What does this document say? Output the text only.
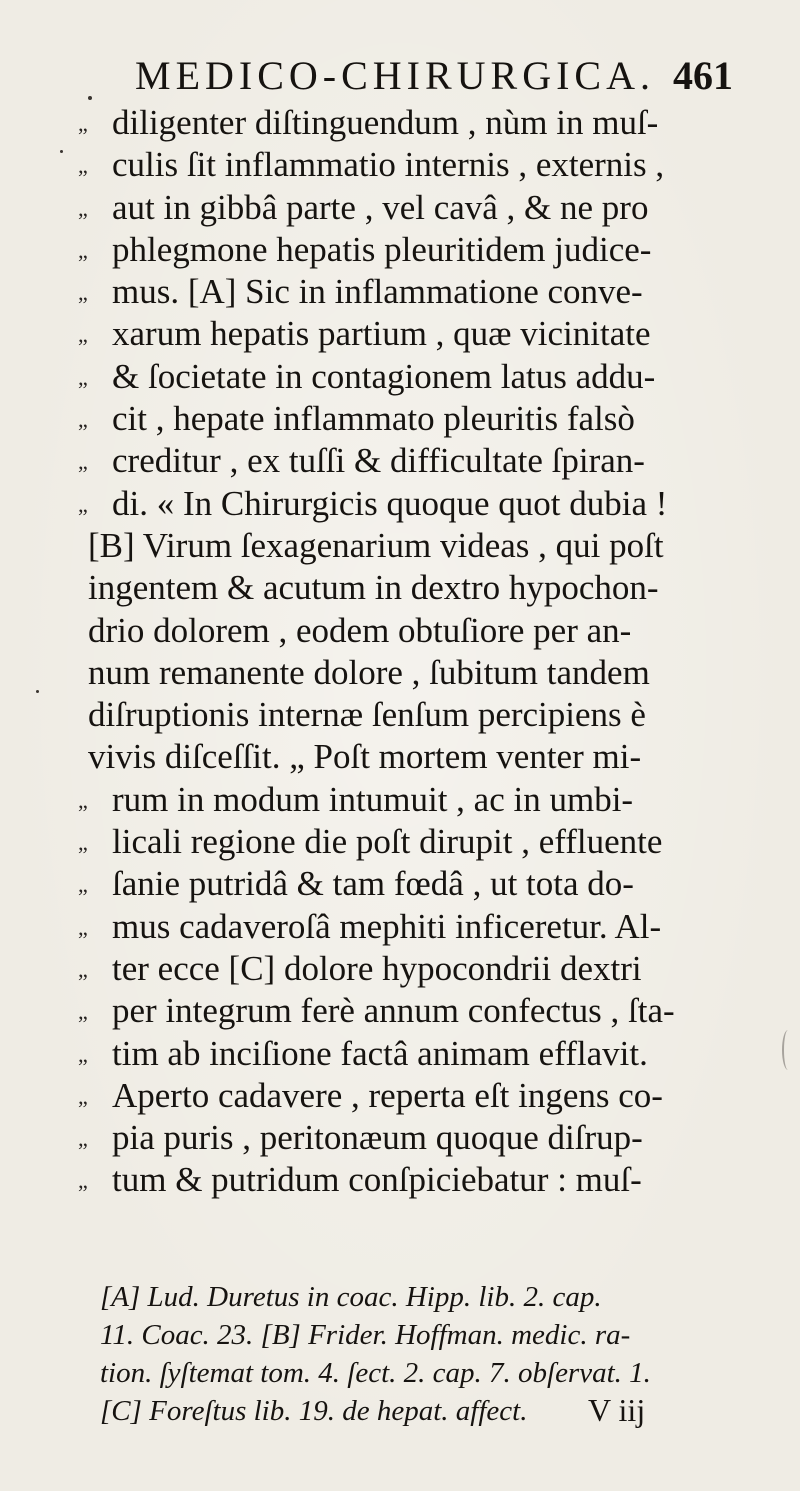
MEDICO-CHIRURGICA. 461
„ diligenter diſtinguendum , nùm in muſ-
„ culis ſit inflammatio internis , externis ,
„ aut in gibbâ parte , vel cavâ , & ne pro
„ phlegmone hepatis pleuritidem judice-
„ mus. [A] Sic in inflammatione conve-
„ xarum hepatis partium , quæ vicinitate
„ & ſocietate in contagionem latus addu-
„ cit , hepate inflammato pleuritis falsò
„ creditur , ex tuſſi & difficultate ſpiran-
„ di. « In Chirurgicis quoque quot dubia !
[B] Virum ſexagenarium videas , qui poſt
ingentem & acutum in dextro hypochon-
drio dolorem , eodem obtuſiore per an-
num remanente dolore , ſubitum tandem
diſruptionis internæ ſenſum percipiens è
vivis diſceſſit. „ Poſt mortem venter mi-
„ rum in modum intumuit , ac in umbi-
„ licali regione die poſt dirupit , effluente
„ ſanie putridâ & tam fœdâ , ut tota do-
„ mus cadaveroſâ mephiti inficeretur. Al-
„ ter ecce [C] dolore hypocondrii dextri
„ per integrum ferè annum confectus , ſta-
„ tim ab inciſione factâ animam efflavit.
„ Aperto cadavere , reperta eſt ingens co-
„ pia puris , peritonæum quoque diſrup-
„ tum & putridum conſpiciebatur : muſ-
[A] Lud. Duretus in coac. Hipp. lib. 2. cap.
11. Coac. 23. [B] Frider. Hoffman. medic. ra-
tion. ſyſtemat tom. 4. ſect. 2. cap. 7. obſervat. 1.
[C] Foreſtus lib. 19. de hepat. affect.	V iij
